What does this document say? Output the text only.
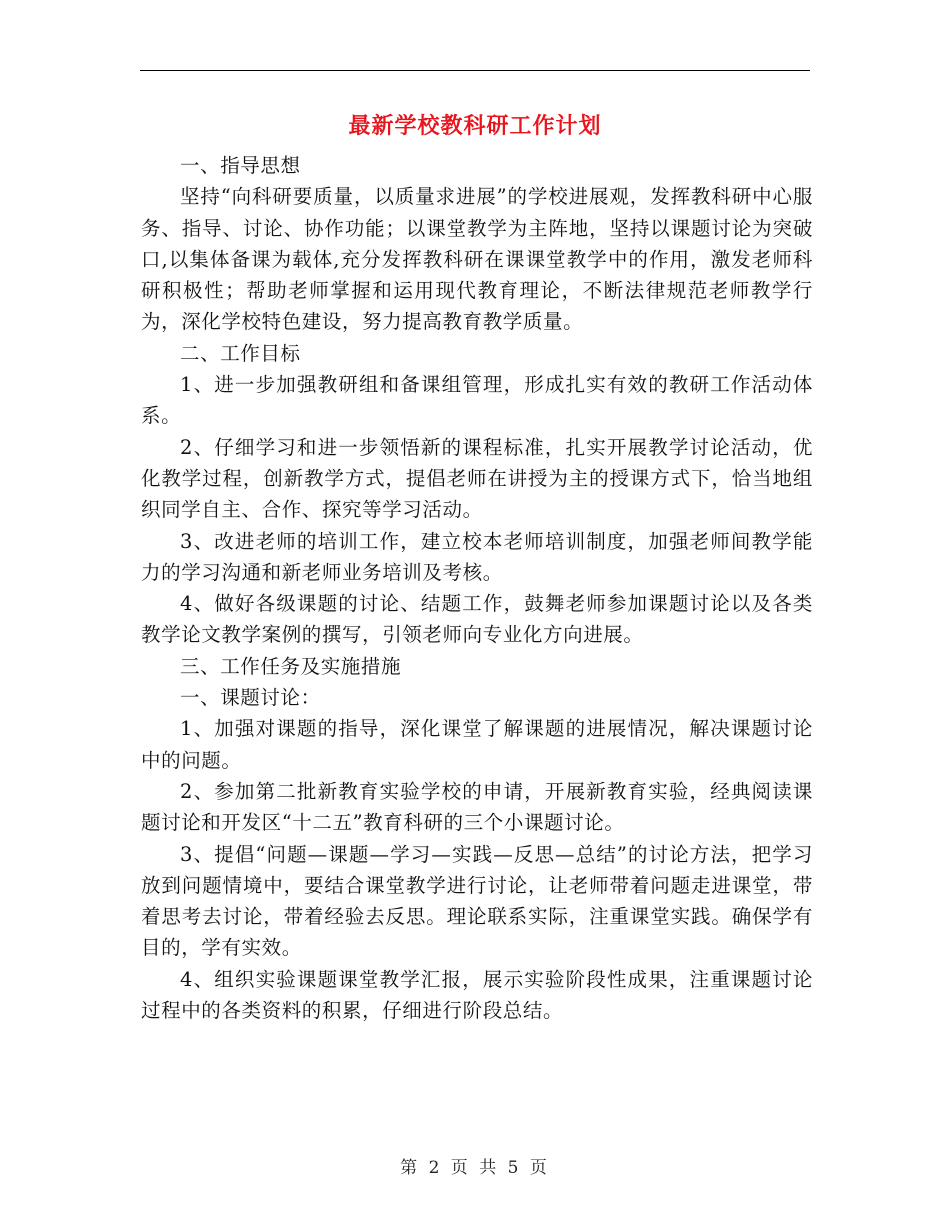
最新学校教科研工作计划

一、指导思想

坚持“向科研要质量，以质量求进展”的学校进展观，发挥教科研中心服务、指导、讨论、协作功能；以课堂教学为主阵地，坚持以课题讨论为突破口,以集体备课为载体,充分发挥教科研在课课堂教学中的作用，激发老师科研积极性；帮助老师掌握和运用现代教育理论，不断法律规范老师教学行为，深化学校特色建设，努力提高教育教学质量。

二、工作目标

1、进一步加强教研组和备课组管理，形成扎实有效的教研工作活动体系。

2、仔细学习和进一步领悟新的课程标准，扎实开展教学讨论活动，优化教学过程，创新教学方式，提倡老师在讲授为主的授课方式下，恰当地组织同学自主、合作、探究等学习活动。

3、改进老师的培训工作，建立校本老师培训制度，加强老师间教学能力的学习沟通和新老师业务培训及考核。

4、做好各级课题的讨论、结题工作，鼓舞老师参加课题讨论以及各类教学论文教学案例的撰写，引领老师向专业化方向进展。

三、工作任务及实施措施

一、课题讨论：

1、加强对课题的指导，深化课堂了解课题的进展情况，解决课题讨论中的问题。

2、参加第二批新教育实验学校的申请，开展新教育实验，经典阅读课题讨论和开发区“十二五”教育科研的三个小课题讨论。

3、提倡“问题—课题—学习—实践—反思—总结”的讨论方法，把学习放到问题情境中，要结合课堂教学进行讨论，让老师带着问题走进课堂，带着思考去讨论，带着经验去反思。理论联系实际，注重课堂实践。确保学有目的，学有实效。

4、组织实验课题课堂教学汇报，展示实验阶段性成果，注重课题讨论过程中的各类资料的积累，仔细进行阶段总结。

第 2 页 共 5 页
